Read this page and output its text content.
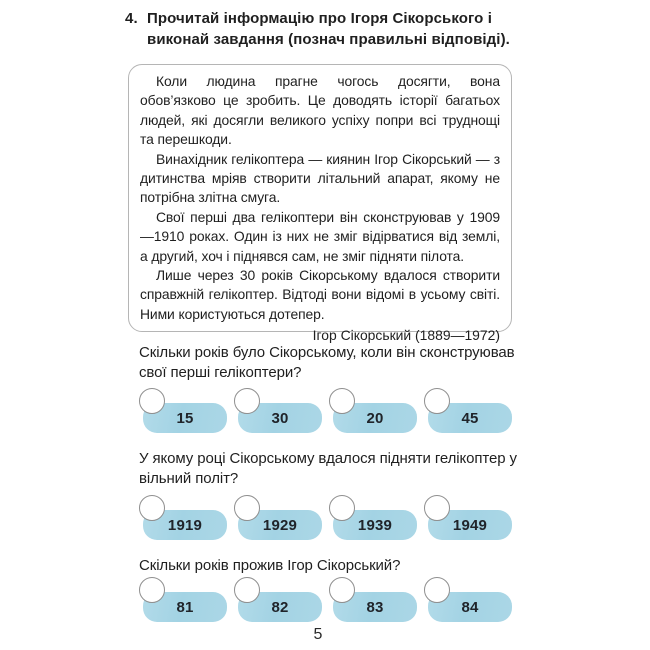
4. Прочитай інформацію про Ігоря Сікорського і виконай завдання (познач правильні відповіді).

Коли людина прагне чогось досягти, вона обов’язково це зробить. Це доводять історії багатьох людей, які досягли великого успіху попри всі труднощі та перешкоди.

Винахідник гелікоптера — киянин Ігор Сікорський — з дитинства мріяв створити літальний апарат, якому не потрібна злітна смуга.

Свої перші два гелікоптери він сконструював у 1909—1910 роках. Один із них не зміг відірватися від землі, а другий, хоч і піднявся сам, не зміг підняти пілота.

Лише через 30 років Сікорському вдалося створити справжній гелікоптер. Відтоді вони відомі в усьому світі. Ними користуються дотепер.

Ігор Сікорський (1889—1972)
Скільки років було Сікорському, коли він сконструював свої перші гелікоптери?
15	30	20	45
У якому році Сікорському вдалося підняти гелікоптер у вільний політ?
1919	1929	1939	1949
Скільки років прожив Ігор Сікорський?
81	82	83	84
5
